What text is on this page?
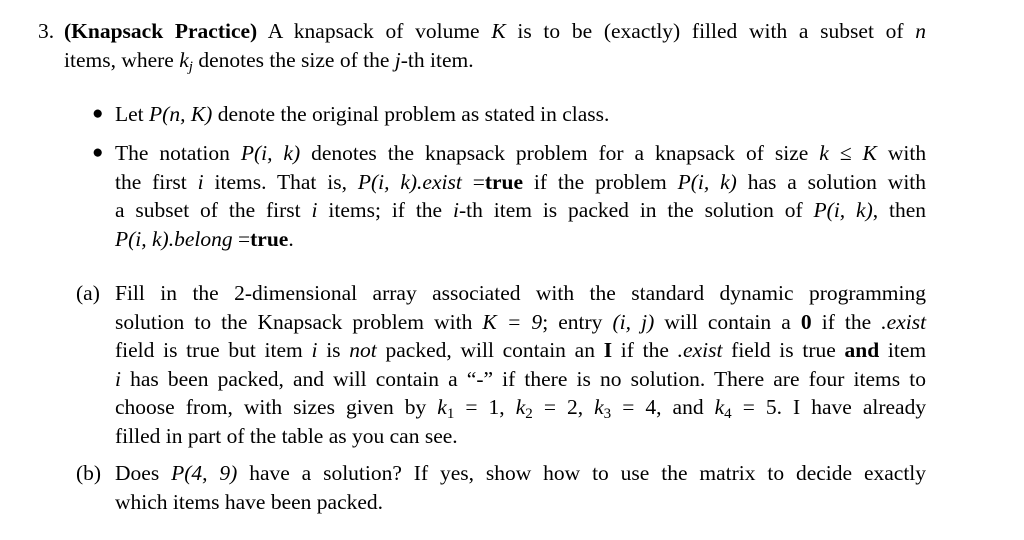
3. (Knapsack Practice) A knapsack of volume K is to be (exactly) filled with a subset of n
items, where $k_j$ denotes the size of the j-th item.
● Let P(n, K) denote the original problem as stated in class.
● The notation P(i, k) denotes the knapsack problem for a knapsack of size k ≤ K with
the first i items. That is, P(i, k).exist =true if the problem P(i, k) has a solution with
a subset of the first i items; if the i-th item is packed in the solution of P(i, k), then
P(i, k).belong =true.
(a) Fill in the 2-dimensional array associated with the standard dynamic programming
solution to the Knapsack problem with K = 9; entry (i, j) will contain a 0 if the .exist
field is true but item i is not packed, will contain an I if the .exist field is true and item
i has been packed, and will contain a “-” if there is no solution. There are four items to
choose from, with sizes given by $k_1 = 1$, $k_2 = 2$, $k_3 = 4$, and $k_4 = 5$. I have already
filled in part of the table as you can see.
(b) Does P(4, 9) have a solution? If yes, show how to use the matrix to decide exactly
which items have been packed.
